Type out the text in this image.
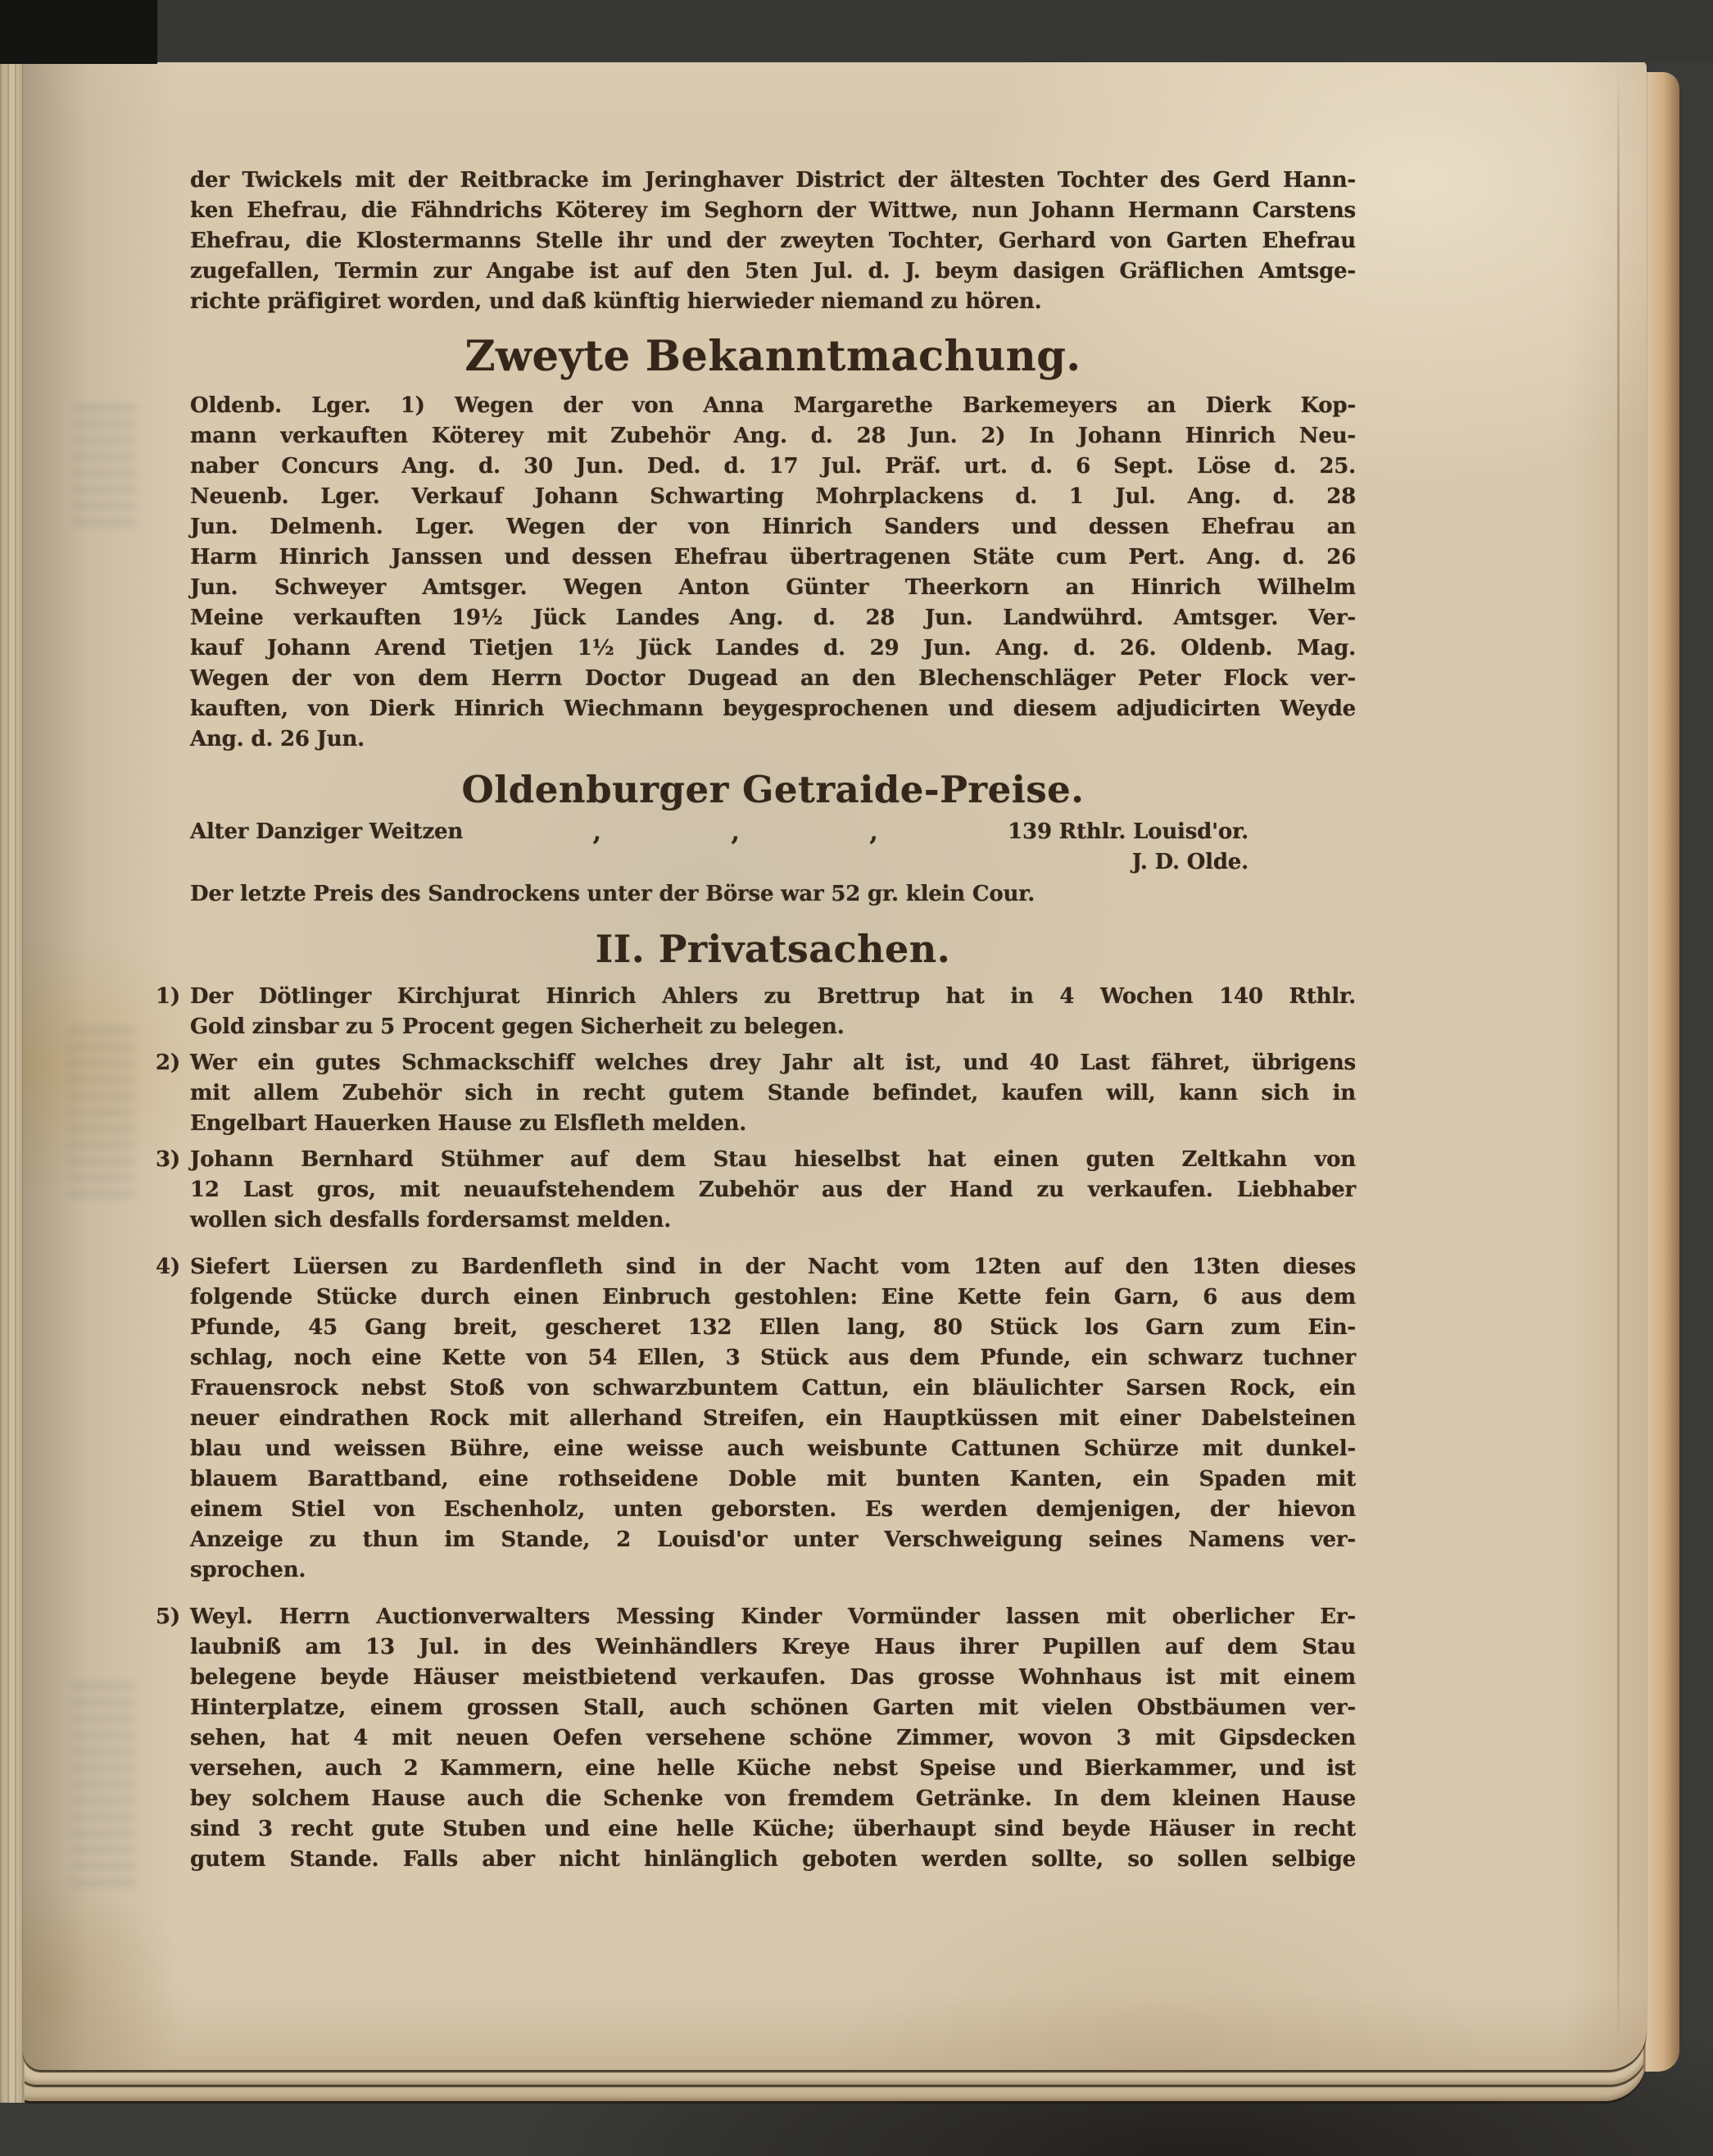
der Twickels mit der Reitbracke im Jeringhaver District der ältesten Tochter des Gerd Hann-
ken Ehefrau, die Fähndrichs Köterey im Seghorn der Wittwe, nun Johann Hermann Carstens
Ehefrau, die Klostermanns Stelle ihr und der zweyten Tochter, Gerhard von Garten Ehefrau
zugefallen, Termin zur Angabe ist auf den 5ten Jul. d. J. beym dasigen Gräflichen Amtsge-
richte präfigiret worden, und daß künftig hierwieder niemand zu hören.
Zweyte Bekanntmachung.
Oldenb. Lger. 1) Wegen der von Anna Margarethe Barkemeyers an Dierk Kop-
mann verkauften Köterey mit Zubehör Ang. d. 28 Jun. 2) In Johann Hinrich Neu-
naber Concurs Ang. d. 30 Jun. Ded. d. 17 Jul. Präf. urt. d. 6 Sept. Löse d. 25.
Neuenb. Lger. Verkauf Johann Schwarting Mohrplackens d. 1 Jul. Ang. d. 28
Jun. Delmenh. Lger. Wegen der von Hinrich Sanders und dessen Ehefrau an
Harm Hinrich Janssen und dessen Ehefrau übertragenen Stäte cum Pert. Ang. d. 26
Jun. Schweyer Amtsger. Wegen Anton Günter Theerkorn an Hinrich Wilhelm
Meine verkauften 19½ Jück Landes Ang. d. 28 Jun. Landwührd. Amtsger. Ver-
kauf Johann Arend Tietjen 1½ Jück Landes d. 29 Jun. Ang. d. 26. Oldenb. Mag.
Wegen der von dem Herrn Doctor Dugead an den Blechenschläger Peter Flock ver-
kauften, von Dierk Hinrich Wiechmann beygesprochenen und diesem adjudicirten Weyde
Ang. d. 26 Jun.
Oldenburger Getraide-Preise.
Alter Danziger Weitzen	,	,	,	139 Rthlr. Louisd'or.
J. D. Olde.
Der letzte Preis des Sandrockens unter der Börse war 52 gr. klein Cour.
II. Privatsachen.
1) Der Dötlinger Kirchjurat Hinrich Ahlers zu Brettrup hat in 4 Wochen 140 Rthlr.
Gold zinsbar zu 5 Procent gegen Sicherheit zu belegen.
2) Wer ein gutes Schmackschiff welches drey Jahr alt ist, und 40 Last fähret, übrigens
mit allem Zubehör sich in recht gutem Stande befindet, kaufen will, kann sich in
Engelbart Hauerken Hause zu Elsfleth melden.
3) Johann Bernhard Stühmer auf dem Stau hieselbst hat einen guten Zeltkahn von
12 Last gros, mit neuaufstehendem Zubehör aus der Hand zu verkaufen. Liebhaber
wollen sich desfalls fordersamst melden.
4) Siefert Lüersen zu Bardenfleth sind in der Nacht vom 12ten auf den 13ten dieses
folgende Stücke durch einen Einbruch gestohlen: Eine Kette fein Garn, 6 aus dem
Pfunde, 45 Gang breit, gescheret 132 Ellen lang, 80 Stück los Garn zum Ein-
schlag, noch eine Kette von 54 Ellen, 3 Stück aus dem Pfunde, ein schwarz tuchner
Frauensrock nebst Stoß von schwarzbuntem Cattun, ein bläulichter Sarsen Rock, ein
neuer eindrathen Rock mit allerhand Streifen, ein Hauptküssen mit einer Dabelsteinen
blau und weissen Bühre, eine weisse auch weisbunte Cattunen Schürze mit dunkel-
blauem Barattband, eine rothseidene Doble mit bunten Kanten, ein Spaden mit
einem Stiel von Eschenholz, unten geborsten. Es werden demjenigen, der hievon
Anzeige zu thun im Stande, 2 Louisd'or unter Verschweigung seines Namens ver-
sprochen.
5) Weyl. Herrn Auctionverwalters Messing Kinder Vormünder lassen mit oberlicher Er-
laubniß am 13 Jul. in des Weinhändlers Kreye Haus ihrer Pupillen auf dem Stau
belegene beyde Häuser meistbietend verkaufen. Das grosse Wohnhaus ist mit einem
Hinterplatze, einem grossen Stall, auch schönen Garten mit vielen Obstbäumen ver-
sehen, hat 4 mit neuen Oefen versehene schöne Zimmer, wovon 3 mit Gipsdecken
versehen, auch 2 Kammern, eine helle Küche nebst Speise und Bierkammer, und ist
bey solchem Hause auch die Schenke von fremdem Getränke. In dem kleinen Hause
sind 3 recht gute Stuben und eine helle Küche; überhaupt sind beyde Häuser in recht
gutem Stande. Falls aber nicht hinlänglich geboten werden sollte, so sollen selbige
